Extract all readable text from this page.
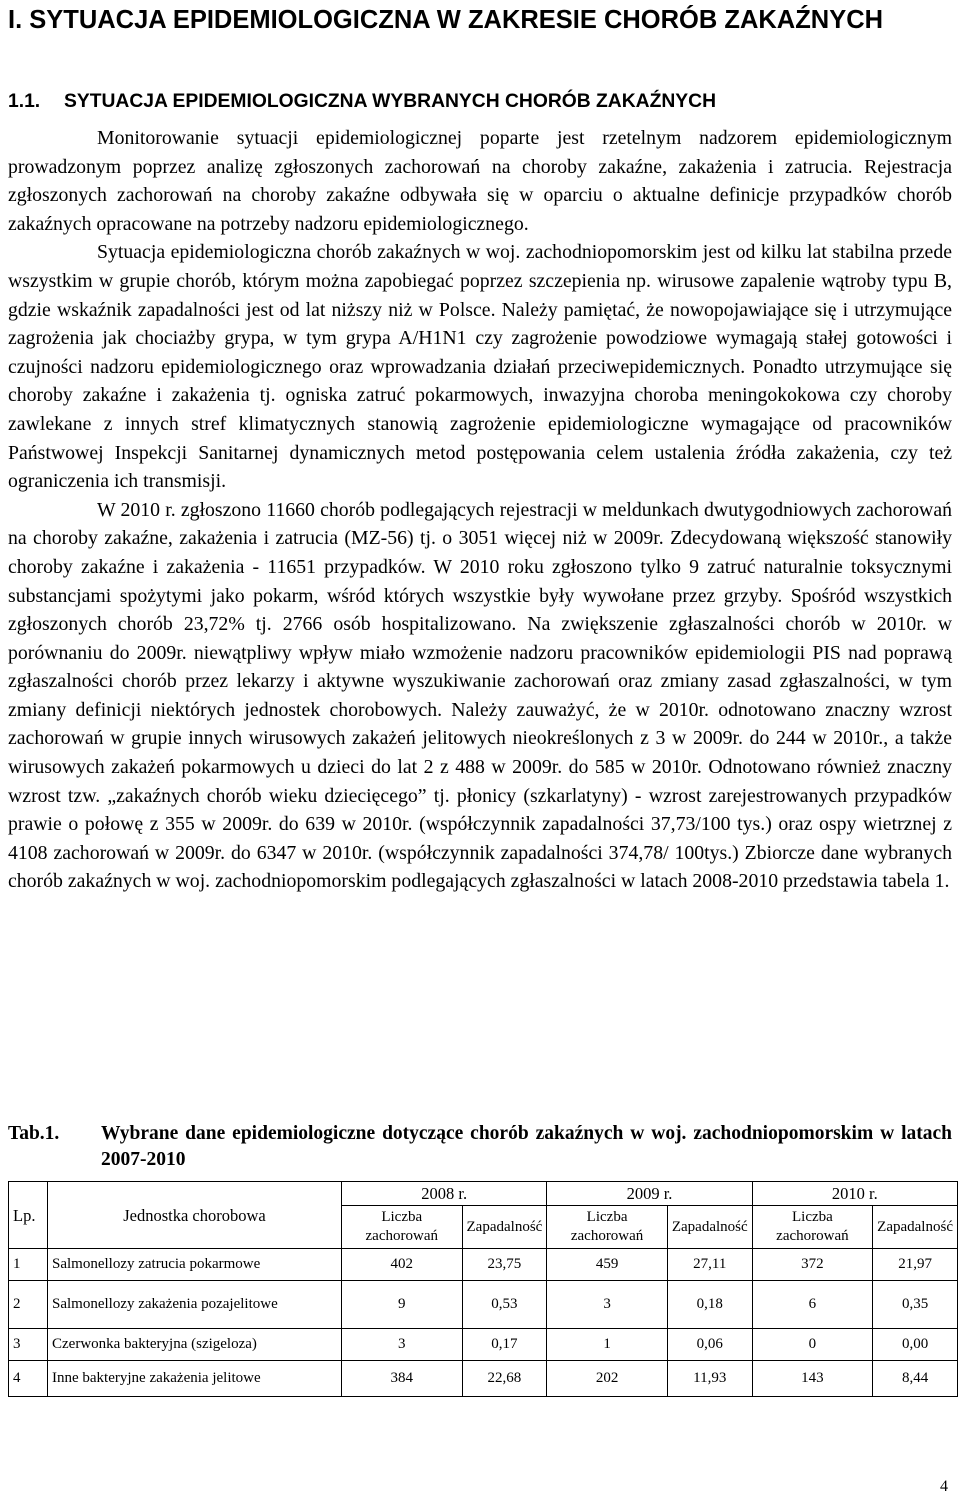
I. SYTUACJA EPIDEMIOLOGICZNA W ZAKRESIE CHORÓB ZAKAŹNYCH
1.1. SYTUACJA EPIDEMIOLOGICZNA WYBRANYCH CHORÓB ZAKAŹNYCH

Monitorowanie sytuacji epidemiologicznej poparte jest rzetelnym nadzorem epidemiologicznym prowadzonym poprzez analizę zgłoszonych zachorowań na choroby zakaźne, zakażenia i zatrucia. Rejestracja zgłoszonych zachorowań na choroby zakaźne odbywała się w oparciu o aktualne definicje przypadków chorób zakaźnych opracowane na potrzeby nadzoru epidemiologicznego.

Sytuacja epidemiologiczna chorób zakaźnych w woj. zachodniopomorskim jest od kilku lat stabilna przede wszystkim w grupie chorób, którym można zapobiegać poprzez szczepienia np. wirusowe zapalenie wątroby typu B, gdzie wskaźnik zapadalności jest od lat niższy niż w Polsce. Należy pamiętać, że nowopojawiające się i utrzymujące zagrożenia jak chociażby grypa, w tym grypa A/H1N1 czy zagrożenie powodziowe wymagają stałej gotowości i czujności nadzoru epidemiologicznego oraz wprowadzania działań przeciwepidemicznych. Ponadto utrzymujące się choroby zakaźne i zakażenia tj. ogniska zatruć pokarmowych, inwazyjna choroba meningokokowa czy choroby zawlekane z innych stref klimatycznych stanowią zagrożenie epidemiologiczne wymagające od pracowników Państwowej Inspekcji Sanitarnej dynamicznych metod postępowania celem ustalenia źródła zakażenia, czy też ograniczenia ich transmisji.

W 2010 r. zgłoszono 11660 chorób podlegających rejestracji w meldunkach dwutygodniowych zachorowań na choroby zakaźne, zakażenia i zatrucia (MZ-56) tj. o 3051 więcej niż w 2009r. Zdecydowaną większość stanowiły choroby zakaźne i zakażenia - 11651 przypadków. W 2010 roku zgłoszono tylko 9 zatruć naturalnie toksycznymi substancjami spożytymi jako pokarm, wśród których wszystkie były wywołane przez grzyby. Spośród wszystkich zgłoszonych chorób 23,72% tj. 2766 osób hospitalizowano. Na zwiększenie zgłaszalności chorób w 2010r. w porównaniu do 2009r. niewątpliwy wpływ miało wzmożenie nadzoru pracowników epidemiologii PIS nad poprawą zgłaszalności chorób przez lekarzy i aktywne wyszukiwanie zachorowań oraz zmiany zasad zgłaszalności, w tym zmiany definicji niektórych jednostek chorobowych. Należy zauważyć, że w 2010r. odnotowano znaczny wzrost zachorowań w grupie innych wirusowych zakażeń jelitowych nieokreślonych z 3 w 2009r. do 244 w 2010r., a także wirusowych zakażeń pokarmowych u dzieci do lat 2 z 488 w 2009r. do 585 w 2010r. Odnotowano również znaczny wzrost tzw. „zakaźnych chorób wieku dziecięcego” tj. płonicy (szkarlatyny) - wzrost zarejestrowanych przypadków prawie o połowę z 355 w 2009r. do 639 w 2010r. (współczynnik zapadalności 37,73/100 tys.) oraz ospy wietrznej z 4108 zachorowań w 2009r. do 6347 w 2010r. (współczynnik zapadalności 374,78/ 100tys.) Zbiorcze dane wybranych chorób zakaźnych w woj. zachodniopomorskim podlegających zgłaszalności w latach 2008-2010 przedstawia tabela 1.

Tab.1. Wybrane dane epidemiologiczne dotyczące chorób zakaźnych w woj. zachodniopomorskim w latach 2007-2010
Lp.	Jednostka chorobowa	2008 r.		2009 r.		2010 r.	
		Liczba zachorowań	Zapadalność	Liczba zachorowań	Zapadalność	Liczba zachorowań	Zapadalność
1	Salmonellozy zatrucia pokarmowe	402	23,75	459	27,11	372	21,97
2	Salmonellozy zakażenia pozajelitowe	9	0,53	3	0,18	6	0,35
3	Czerwonka bakteryjna (szigeloza)	3	0,17	1	0,06	0	0,00
4	Inne bakteryjne zakażenia jelitowe	384	22,68	202	11,93	143	8,44
4
